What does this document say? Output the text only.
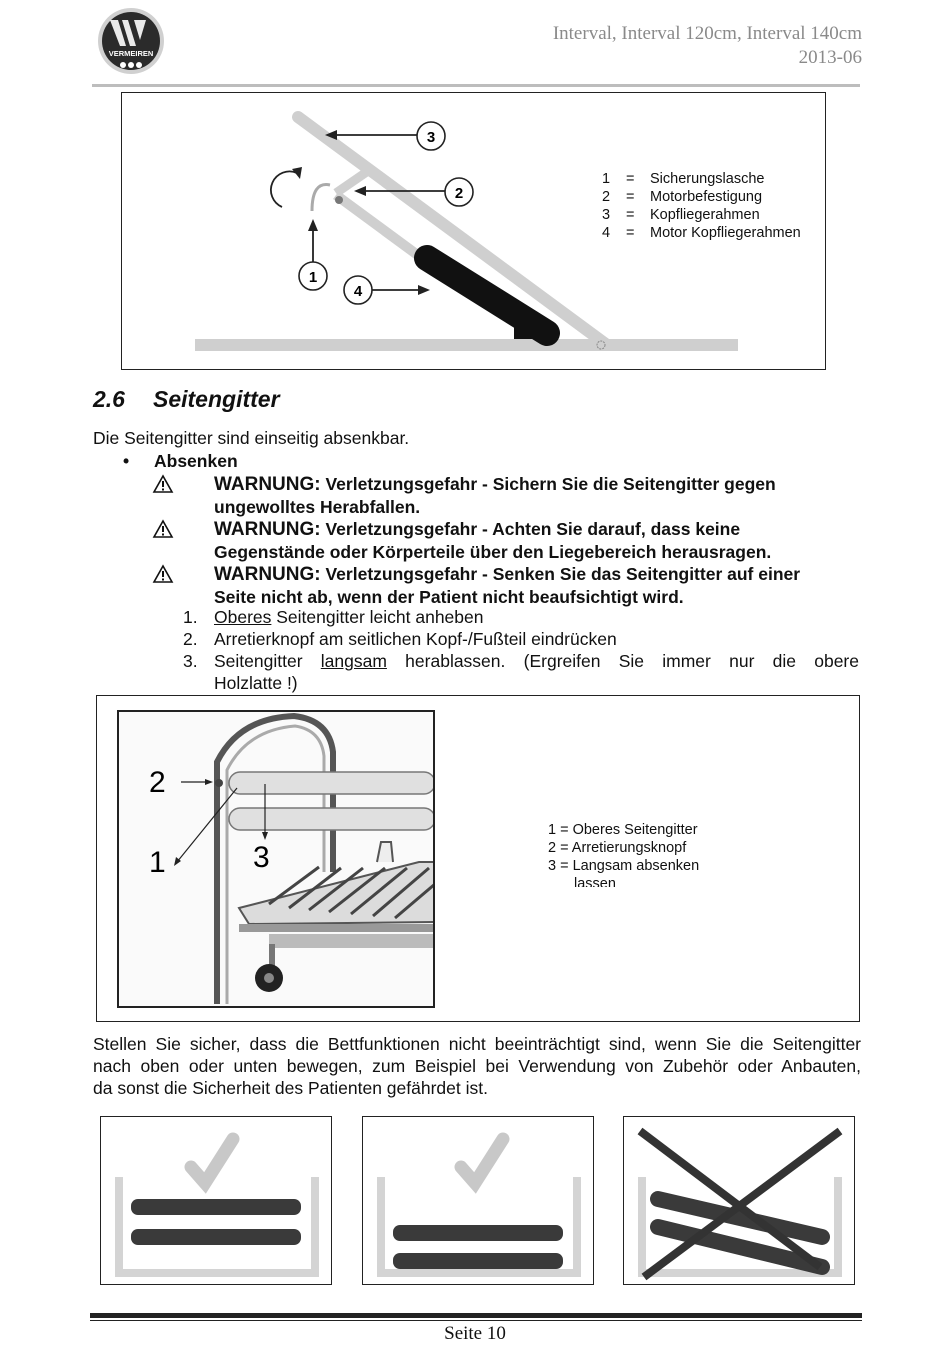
VERMEIREN
Interval, Interval 120cm, Interval 140cm
2013-06
3
2
1
4
1 = Sicherungslasche
2 = Motorbefestigung
3 = Kopfliegerahmen
4 = Motor Kopfliegerahmen
2.6 Seitengitter
Die Seitengitter sind einseitig absenkbar.
• Absenken
WARNUNG: Verletzungsgefahr - Sichern Sie die Seitengitter gegen
ungewolltes Herabfallen.
WARNUNG: Verletzungsgefahr - Achten Sie darauf, dass keine
Gegenstände oder Körperteile über den Liegebereich herausragen.
WARNUNG: Verletzungsgefahr - Senken Sie das Seitengitter auf einer
Seite nicht ab, wenn der Patient nicht beaufsichtigt wird.
1. Oberes Seitengitter leicht anheben
2. Arretierknopf am seitlichen Kopf-/Fußteil eindrücken
3. Seitengitter langsam herablassen. (Ergreifen Sie immer nur die obere
Holzlatte !)
2
1	3
1 = Oberes Seitengitter
2 = Arretierungsknopf
3 = Langsam absenken
lassen
Stellen Sie sicher, dass die Bettfunktionen nicht beeinträchtigt sind, wenn Sie die Seitengitter
nach oben oder unten bewegen, zum Beispiel bei Verwendung von Zubehör oder Anbauten,
da sonst die Sicherheit des Patienten gefährdet ist.
Seite 10
